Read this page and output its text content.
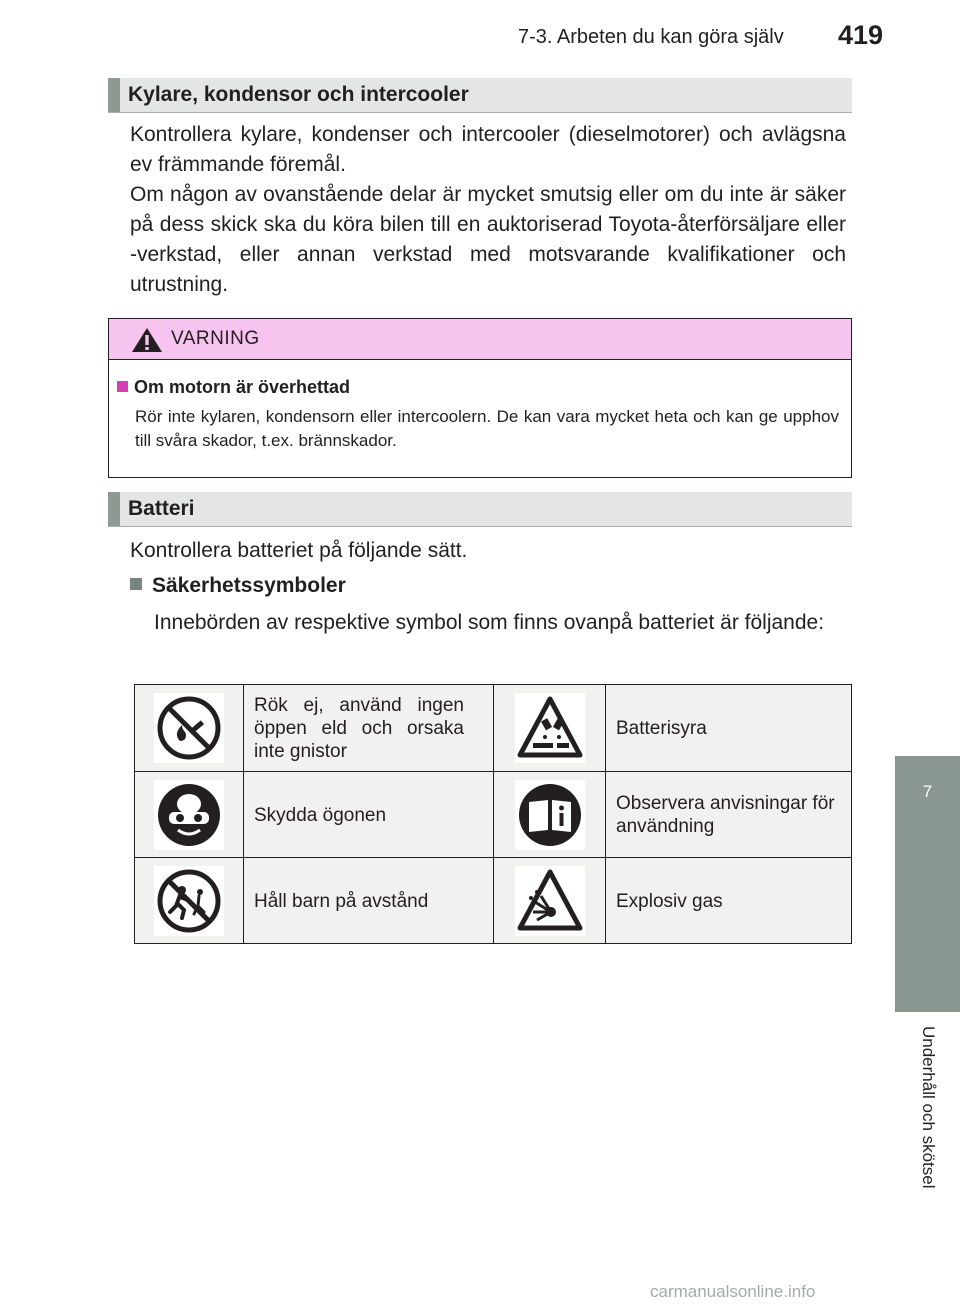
7-3. Arbeten du kan göra själv 419
7
Underhåll och skötsel
Kylare, kondensor och intercooler

Kontrollera kylare, kondenser och intercooler (dieselmotorer) och avlägsna ev främmande föremål.

Om någon av ovanstående delar är mycket smutsig eller om du inte är säker på dess skick ska du köra bilen till en auktoriserad Toyota-återförsäljare eller -verkstad, eller annan verkstad med motsvarande kvalifikationer och utrustning.

VARNING
Om motorn är överhettad
Rör inte kylaren, kondensorn eller intercoolern. De kan vara mycket heta och kan ge upphov till svåra skador, t.ex. brännskador.
Batteri
Kontrollera batteriet på följande sätt.
Säkerhetssymboler
Innebörden av respektive symbol som finns ovanpå batteriet är följande:
Rök ej, använd ingen öppen eld och orsaka inte gnistor
Batterisyra
Skydda ögonen
Observera anvisningar för användning
Håll barn på avstånd	Explosiv gas
carmanualsonline.info
